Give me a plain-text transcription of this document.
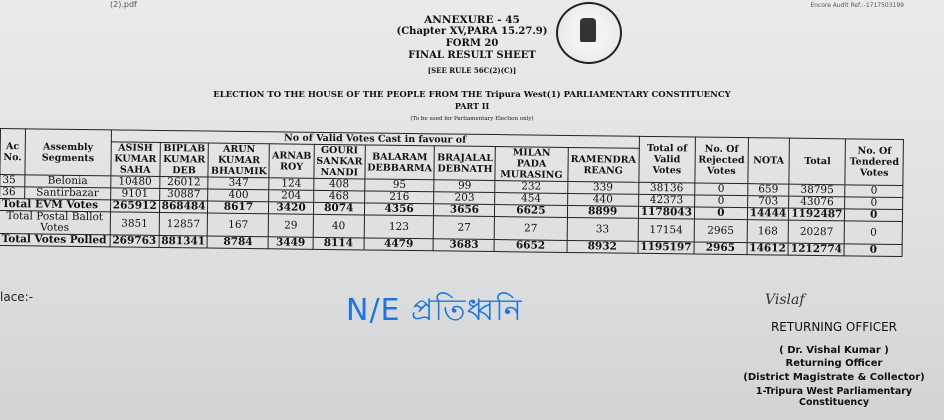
(2).pdf	Encore Audit Ref.:-1717503199
ANNEXURE - 45
(Chapter XV,PARA 15.27.9)
FORM 20
FINAL RESULT SHEET
[SEE RULE 56C(2)(C)]
ELECTION TO THE HOUSE OF THE PEOPLE FROM THE Tripura West(1) PARLIAMENTARY CONSTITUENCY
PART II
(To be used for Parliamentary Election only)
Ac No.	Assembly Segments	No of Valid Votes Cast in favour of									Total of Valid Votes	No. Of Rejected Votes	NOTA	Total	No. Of Tendered Votes
		ASISH KUMAR SAHA	BIPLAB KUMAR DEB	ARUN KUMAR BHAUMIK	ARNAB ROY	GOURI SANKAR NANDI	BALARAM DEBBARMA	BRAJALAL DEBNATH	MILAN PADA MURASING	RAMENDRA REANG					
35	Belonia	10480	26012	347	124	408	95	99	232	339	38136	0	659	38795	0
36	Santirbazar	9101	30887	400	204	468	216	203	454	440	42373	0	703	43076	0
Total EVM Votes		265912	868484	8617	3420	8074	4356	3656	6625	8899	1178043	0	14444	1192487	0
Total Postal Ballot Votes		3851	12857	167	29	40	123	27	27	33	17154	2965	168	20287	0
Total Votes Polled		269763	881341	8784	3449	8114	4479	3683	6652	8932	1195197	2965	14612	1212774	0
lace:-	N/E প্রতিধ্বনি	Vislaf
RETURNING OFFICER
( Dr. Vishal Kumar )
Returning Officer
(District Magistrate & Collector)
1-Tripura West Parliamentary Constituency
